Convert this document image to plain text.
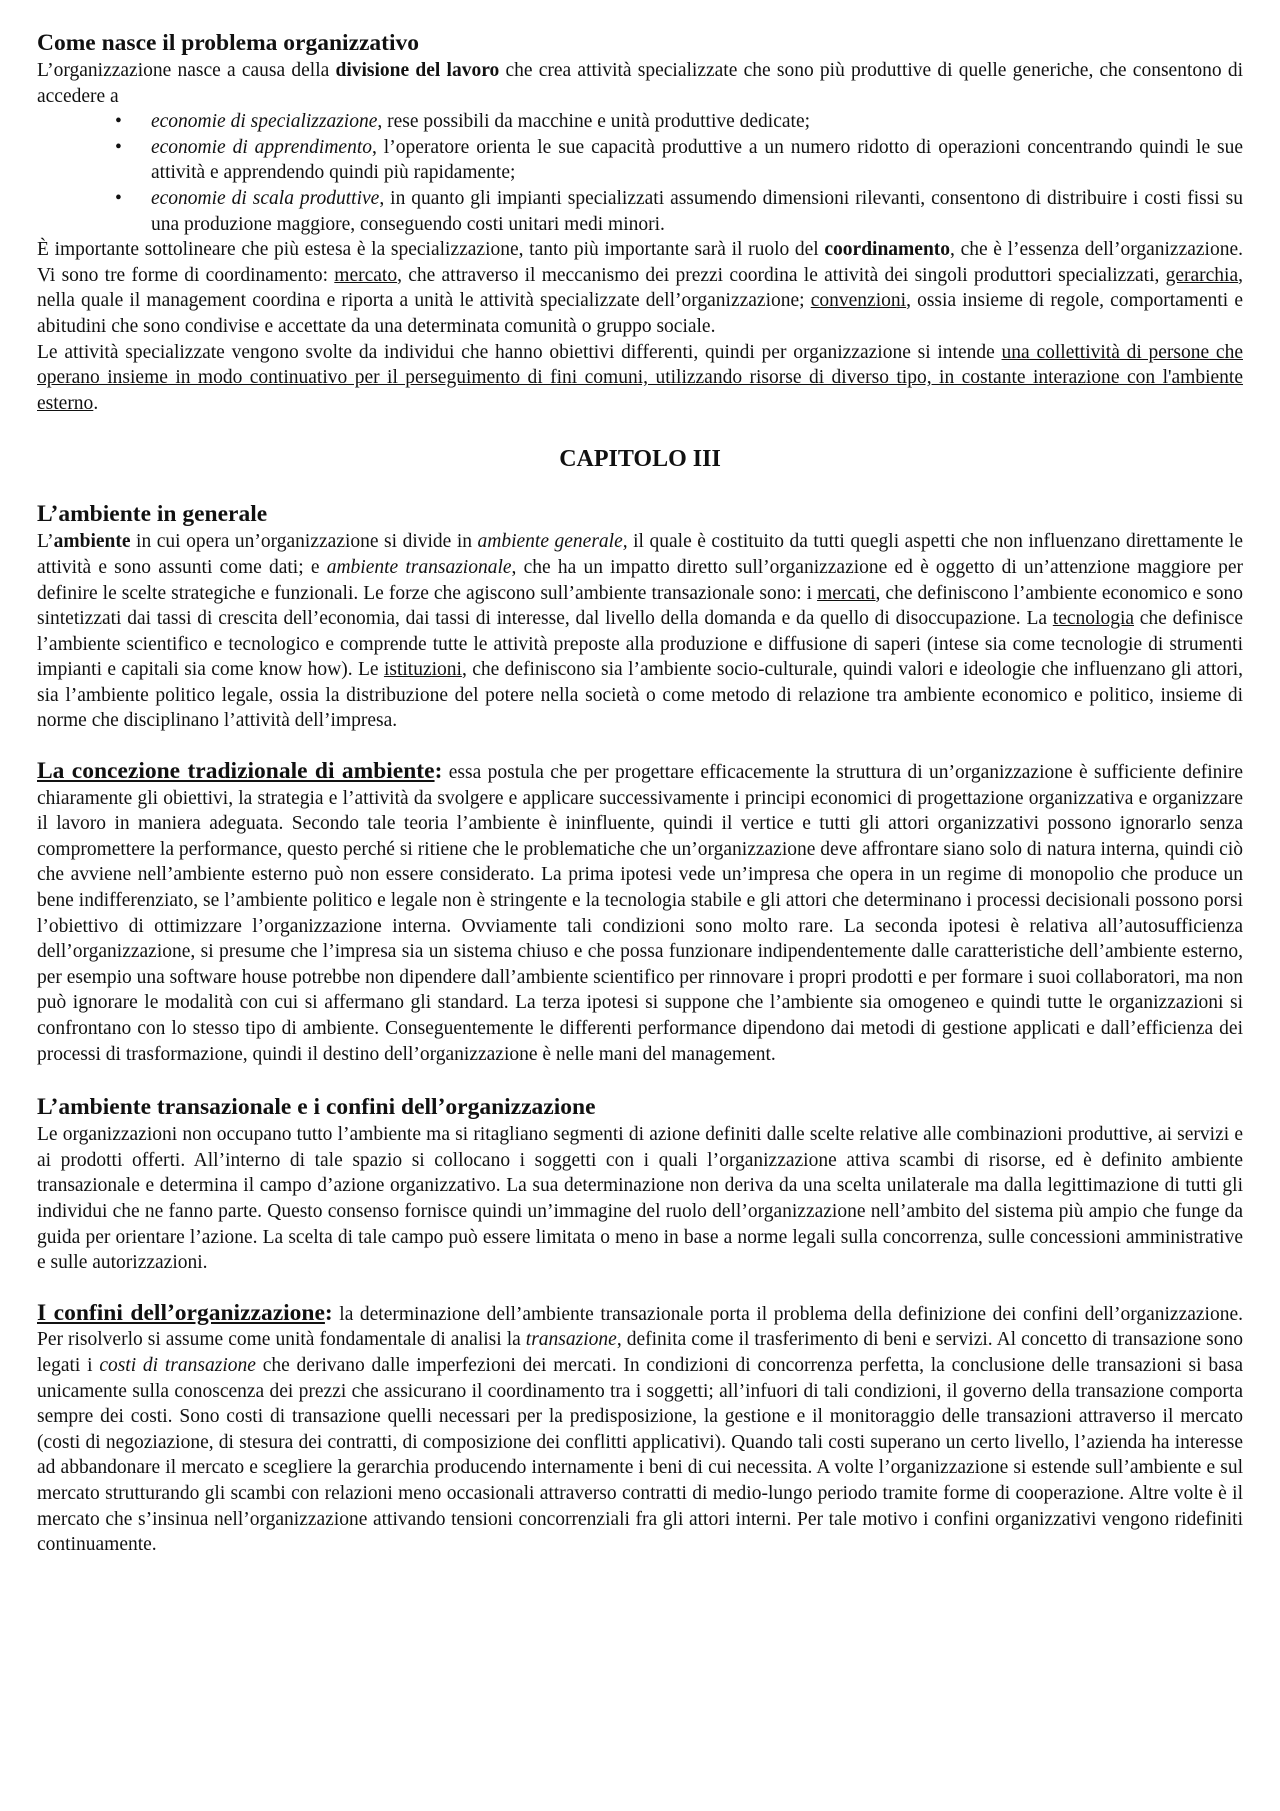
Come nasce il problema organizzativo

L’organizzazione nasce a causa della divisione del lavoro che crea attività specializzate che sono più produttive di quelle generiche, che consentono di accedere a

• economie di specializzazione, rese possibili da macchine e unità produttive dedicate;
• economie di apprendimento, l’operatore orienta le sue capacità produttive a un numero ridotto di operazioni concentrando quindi le sue attività e apprendendo quindi più rapidamente;
• economie di scala produttive, in quanto gli impianti specializzati assumendo dimensioni rilevanti, consentono di distribuire i costi fissi su una produzione maggiore, conseguendo costi unitari medi minori.

È importante sottolineare che più estesa è la specializzazione, tanto più importante sarà il ruolo del coordinamento, che è l’essenza dell’organizzazione. Vi sono tre forme di coordinamento: mercato, che attraverso il meccanismo dei prezzi coordina le attività dei singoli produttori specializzati, gerarchia, nella quale il management coordina e riporta a unità le attività specializzate dell’organizzazione; convenzioni, ossia insieme di regole, comportamenti e abitudini che sono condivise e accettate da una determinata comunità o gruppo sociale.

Le attività specializzate vengono svolte da individui che hanno obiettivi differenti, quindi per organizzazione si intende una collettività di persone che operano insieme in modo continuativo per il perseguimento di fini comuni, utilizzando risorse di diverso tipo, in costante interazione con l'ambiente esterno.

CAPITOLO III
L’ambiente in generale

L’ambiente in cui opera un’organizzazione si divide in ambiente generale, il quale è costituito da tutti quegli aspetti che non influenzano direttamente le attività e sono assunti come dati; e ambiente transazionale, che ha un impatto diretto sull’organizzazione ed è oggetto di un’attenzione maggiore per definire le scelte strategiche e funzionali. Le forze che agiscono sull’ambiente transazionale sono: i mercati, che definiscono l’ambiente economico e sono sintetizzati dai tassi di crescita dell’economia, dai tassi di interesse, dal livello della domanda e da quello di disoccupazione. La tecnologia che definisce l’ambiente scientifico e tecnologico e comprende tutte le attività preposte alla produzione e diffusione di saperi (intese sia come tecnologie di strumenti impianti e capitali sia come know how). Le istituzioni, che definiscono sia l’ambiente socio-culturale, quindi valori e ideologie che influenzano gli attori, sia l’ambiente politico legale, ossia la distribuzione del potere nella società o come metodo di relazione tra ambiente economico e politico, insieme di norme che disciplinano l’attività dell’impresa.

La concezione tradizionale di ambiente: essa postula che per progettare efficacemente la struttura di un’organizzazione è sufficiente definire chiaramente gli obiettivi, la strategia e l’attività da svolgere e applicare successivamente i principi economici di progettazione organizzativa e organizzare il lavoro in maniera adeguata. Secondo tale teoria l’ambiente è ininfluente, quindi il vertice e tutti gli attori organizzativi possono ignorarlo senza compromettere la performance, questo perché si ritiene che le problematiche che un’organizzazione deve affrontare siano solo di natura interna, quindi ciò che avviene nell’ambiente esterno può non essere considerato. La prima ipotesi vede un’impresa che opera in un regime di monopolio che produce un bene indifferenziato, se l’ambiente politico e legale non è stringente e la tecnologia stabile e gli attori che determinano i processi decisionali possono porsi l’obiettivo di ottimizzare l’organizzazione interna. Ovviamente tali condizioni sono molto rare. La seconda ipotesi è relativa all’autosufficienza dell’organizzazione, si presume che l’impresa sia un sistema chiuso e che possa funzionare indipendentemente dalle caratteristiche dell’ambiente esterno, per esempio una software house potrebbe non dipendere dall’ambiente scientifico per rinnovare i propri prodotti e per formare i suoi collaboratori, ma non può ignorare le modalità con cui si affermano gli standard. La terza ipotesi si suppone che l’ambiente sia omogeneo e quindi tutte le organizzazioni si confrontano con lo stesso tipo di ambiente. Conseguentemente le differenti performance dipendono dai metodi di gestione applicati e dall’efficienza dei processi di trasformazione, quindi il destino dell’organizzazione è nelle mani del management.

L’ambiente transazionale e i confini dell’organizzazione

Le organizzazioni non occupano tutto l’ambiente ma si ritagliano segmenti di azione definiti dalle scelte relative alle combinazioni produttive, ai servizi e ai prodotti offerti. All’interno di tale spazio si collocano i soggetti con i quali l’organizzazione attiva scambi di risorse, ed è definito ambiente transazionale e determina il campo d’azione organizzativo. La sua determinazione non deriva da una scelta unilaterale ma dalla legittimazione di tutti gli individui che ne fanno parte. Questo consenso fornisce quindi un’immagine del ruolo dell’organizzazione nell’ambito del sistema più ampio che funge da guida per orientare l’azione. La scelta di tale campo può essere limitata o meno in base a norme legali sulla concorrenza, sulle concessioni amministrative e sulle autorizzazioni.

I confini dell’organizzazione: la determinazione dell’ambiente transazionale porta il problema della definizione dei confini dell’organizzazione. Per risolverlo si assume come unità fondamentale di analisi la transazione, definita come il trasferimento di beni e servizi. Al concetto di transazione sono legati i costi di transazione che derivano dalle imperfezioni dei mercati. In condizioni di concorrenza perfetta, la conclusione delle transazioni si basa unicamente sulla conoscenza dei prezzi che assicurano il coordinamento tra i soggetti; all’infuori di tali condizioni, il governo della transazione comporta sempre dei costi. Sono costi di transazione quelli necessari per la predisposizione, la gestione e il monitoraggio delle transazioni attraverso il mercato (costi di negoziazione, di stesura dei contratti, di composizione dei conflitti applicativi). Quando tali costi superano un certo livello, l’azienda ha interesse ad abbandonare il mercato e scegliere la gerarchia producendo internamente i beni di cui necessita. A volte l’organizzazione si estende sull’ambiente e sul mercato strutturando gli scambi con relazioni meno occasionali attraverso contratti di medio-lungo periodo tramite forme di cooperazione. Altre volte è il mercato che s’insinua nell’organizzazione attivando tensioni concorrenziali fra gli attori interni. Per tale motivo i confini organizzativi vengono ridefiniti continuamente.
